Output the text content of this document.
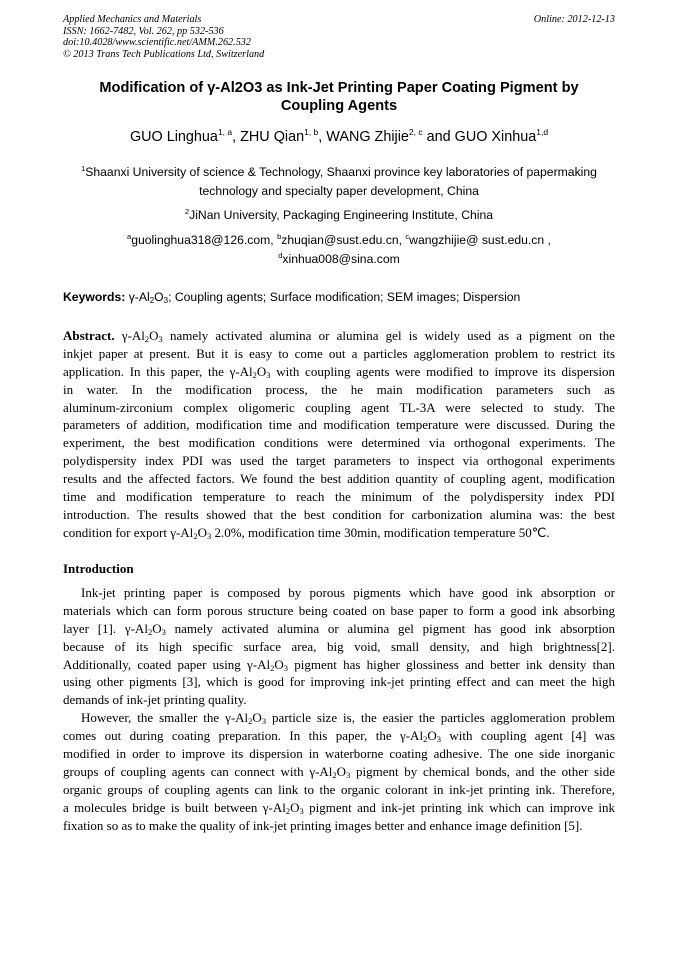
Applied Mechanics and Materials
ISSN: 1662-7482, Vol. 262, pp 532-536
doi:10.4028/www.scientific.net/AMM.262.532
© 2013 Trans Tech Publications Ltd, Switzerland
Online: 2012-12-13
Modification of γ-Al2O3 as Ink-Jet Printing Paper Coating Pigment by
Coupling Agents
GUO Linghua$^{1, a}$, ZHU Qian$^{1, b}$, WANG Zhijie$^{2, c}$ and GUO Xinhua$^{1,d}$
$^1$Shaanxi University of science & Technology, Shaanxi province key laboratories of papermaking
technology and specialty paper development, China
$^2$JiNan University, Packaging Engineering Institute, China
$^a$guolinghua318@126.com, $^b$zhuqian@sust.edu.cn, $^c$wangzhijie@ sust.edu.cn ,
$^d$xinhua008@sina.com
Keywords: $\gamma-Al_2O_3$; Coupling agents; Surface modification; SEM images; Dispersion
Abstract. $\gamma-Al_2O_3$ namely activated alumina or alumina gel is widely used as a pigment on the
inkjet paper at present. But it is easy to come out a particles agglomeration problem to restrict its
application. In this paper, the $\gamma-Al_2O_3$ with coupling agents were modified to improve its dispersion
in water. In the modification process, the he main modification parameters such as
aluminum-zirconium complex oligomeric coupling agent TL-3A were selected to study. The
parameters of addition, modification time and modification temperature were discussed. During the
experiment, the best modification conditions were determined via orthogonal experiments. The
polydispersity index PDI was used the target parameters to inspect via orthogonal experiments
results and the affected factors. We found the best addition quantity of coupling agent, modification
time and modification temperature to reach the minimum of the polydispersity index PDI
introduction. The results showed that the best condition for carbonization alumina was: the best
condition for export $\gamma-Al_2O_3$ 2.0%, modification time 30min, modification temperature 50℃.
Introduction
Ink-jet printing paper is composed by porous pigments which have good ink absorption or
materials which can form porous structure being coated on base paper to form a good ink absorbing
layer [1]. $\gamma-Al_2O_3$ namely activated alumina or alumina gel pigment has good ink absorption
because of its high specific surface area, big void, small density, and high brightness[2].
Additionally, coated paper using $\gamma-Al_2O_3$ pigment has higher glossiness and better ink density than
using other pigments [3], which is good for improving ink-jet printing effect and can meet the high
demands of ink-jet printing quality.
However, the smaller the $\gamma-Al_2O_3$ particle size is, the easier the particles agglomeration problem
comes out during coating preparation. In this paper, the $\gamma-Al_2O_3$ with coupling agent [4] was
modified in order to improve its dispersion in waterborne coating adhesive. The one side inorganic
groups of coupling agents can connect with $\gamma-Al_2O_3$ pigment by chemical bonds, and the other side
organic groups of coupling agents can link to the organic colorant in ink-jet printing ink. Therefore,
a molecules bridge is built between $\gamma-Al_2O_3$ pigment and ink-jet printing ink which can improve ink
fixation so as to make the quality of ink-jet printing images better and enhance image definition [5].
